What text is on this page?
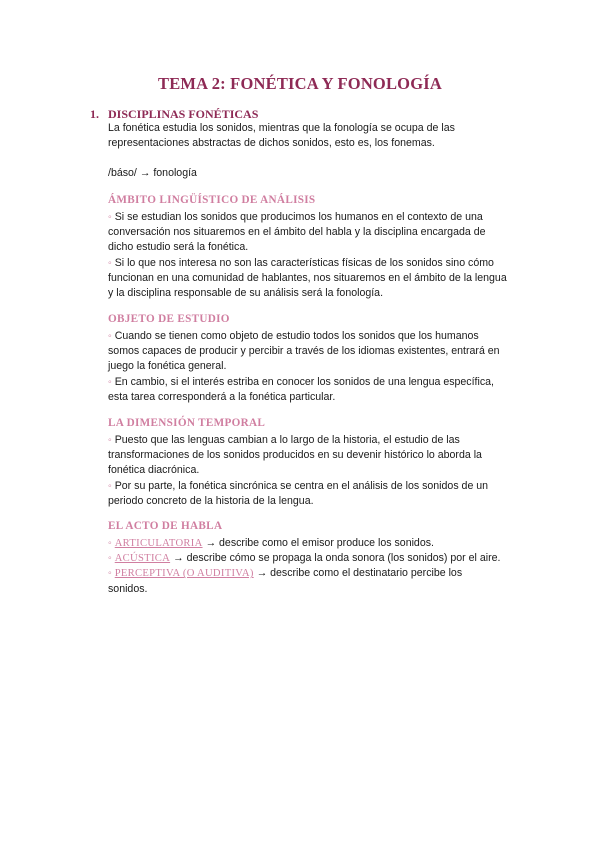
TEMA 2: FONÉTICA Y FONOLOGÍA
1. DISCIPLINAS FONÉTICAS
La fonética estudia los sonidos, mientras que la fonología se ocupa de las
representaciones abstractas de dichos sonidos, esto es, los fonemas.
/báso/ → fonología
ÁMBITO LINGÜÍSTICO DE ANÁLISIS
◦ Si se estudian los sonidos que producimos los humanos en el contexto de una
conversación nos situaremos en el ámbito del habla y la disciplina encargada de
dicho estudio será la fonética.
◦ Si lo que nos interesa no son las características físicas de los sonidos sino cómo
funcionan en una comunidad de hablantes, nos situaremos en el ámbito de la lengua
y la disciplina responsable de su análisis será la fonología.
OBJETO DE ESTUDIO
◦ Cuando se tienen como objeto de estudio todos los sonidos que los humanos
somos capaces de producir y percibir a través de los idiomas existentes, entrará en
juego la fonética general.
◦ En cambio, si el interés estriba en conocer los sonidos de una lengua específica,
esta tarea corresponderá a la fonética particular.
LA DIMENSIÓN TEMPORAL
◦ Puesto que las lenguas cambian a lo largo de la historia, el estudio de las
transformaciones de los sonidos producidos en su devenir histórico lo aborda la
fonética diacrónica.
◦ Por su parte, la fonética sincrónica se centra en el análisis de los sonidos de un
periodo concreto de la historia de la lengua.
EL ACTO DE HABLA
◦ ARTICULATORIA → describe como el emisor produce los sonidos.
◦ ACÚSTICA → describe cómo se propaga la onda sonora (los sonidos) por el aire.
◦ PERCEPTIVA (O AUDITIVA) → describe como el destinatario percibe los
sonidos.
